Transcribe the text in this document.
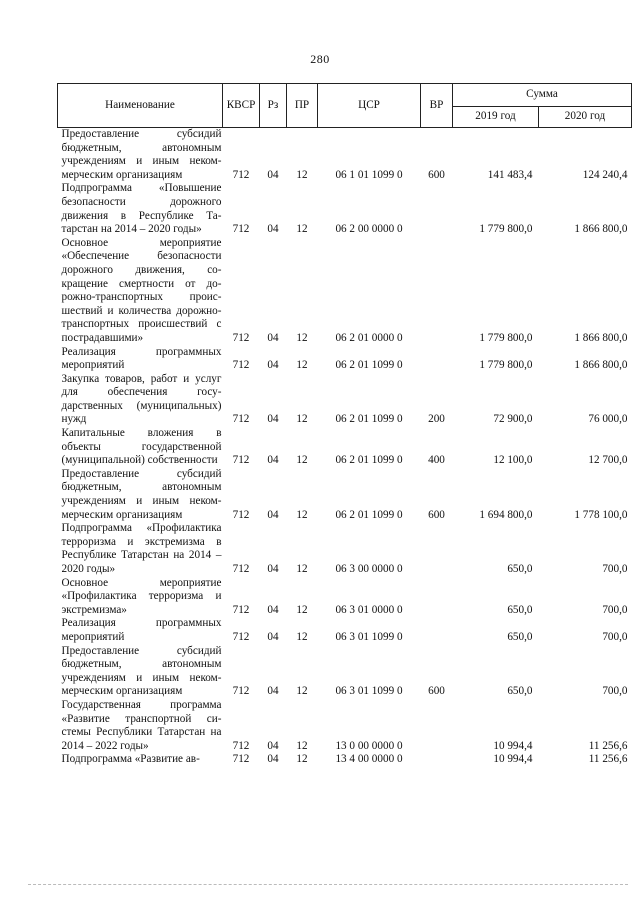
280
Наименование	КВСР	Рз	ПР	ЦСР	ВР	Сумма	
						2019 год	2020 год
Предоставление субсидий бюджетным, автономным учреждениям и иным некоммерческим организациям	712	04	12	06 1 01 1099 0	600	141 483,4	124 240,4
Подпрограмма «Повышение безопасности дорожного движения в Республике Татарстан на 2014 – 2020 годы»	712	04	12	06 2 00 0000 0		1 779 800,0	1 866 800,0
Основное мероприятие «Обеспечение безопасности дорожного движения, сокращение смертности от дорожно-транспортных происшествий и количества дорожно-транспортных происшествий с пострадавшими»	712	04	12	06 2 01 0000 0		1 779 800,0	1 866 800,0
Реализация программных мероприятий	712	04	12	06 2 01 1099 0		1 779 800,0	1 866 800,0
Закупка товаров, работ и услуг для обеспечения государственных (муниципальных) нужд	712	04	12	06 2 01 1099 0	200	72 900,0	76 000,0
Капитальные вложения в объекты государственной (муниципальной) собственности	712	04	12	06 2 01 1099 0	400	12 100,0	12 700,0
Предоставление субсидий бюджетным, автономным учреждениям и иным некоммерческим организациям	712	04	12	06 2 01 1099 0	600	1 694 800,0	1 778 100,0
Подпрограмма «Профилактика терроризма и экстремизма в Республике Татарстан на 2014 – 2020 годы»	712	04	12	06 3 00 0000 0		650,0	700,0
Основное мероприятие «Профилактика терроризма и экстремизма»	712	04	12	06 3 01 0000 0		650,0	700,0
Реализация программных мероприятий	712	04	12	06 3 01 1099 0		650,0	700,0
Предоставление субсидий бюджетным, автономным учреждениям и иным некоммерческим организациям	712	04	12	06 3 01 1099 0	600	650,0	700,0
Государственная программа «Развитие транспортной системы Республики Татарстан на 2014 – 2022 годы»	712	04	12	13 0 00 0000 0		10 994,4	11 256,6
Подпрограмма «Развитие ав-	712	04	12	13 4 00 0000 0		10 994,4	11 256,6
